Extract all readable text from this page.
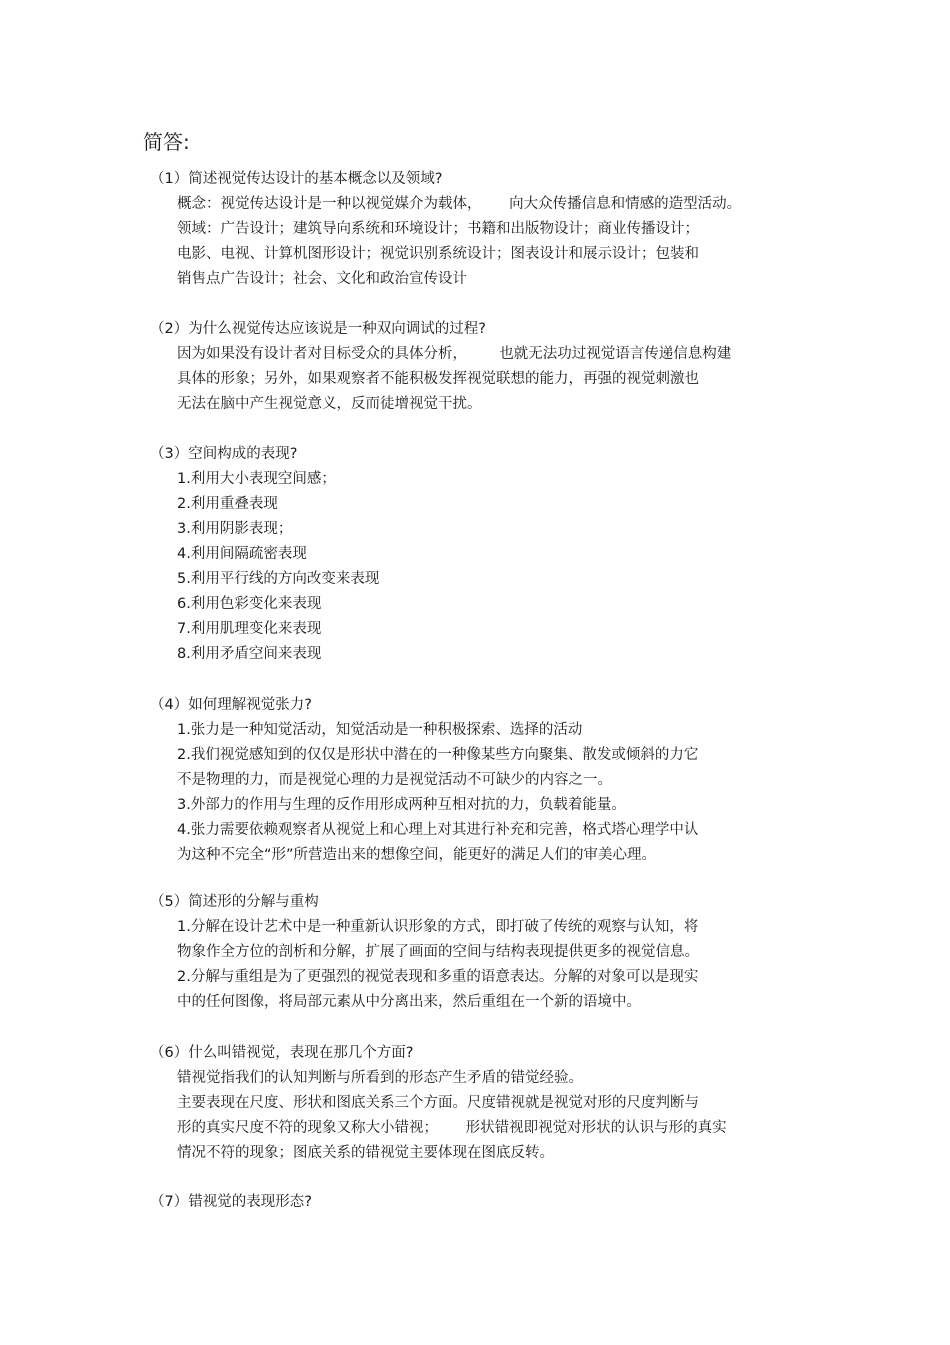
简答:
（1）简述视觉传达设计的基本概念以及领域?
概念：视觉传达设计是一种以视觉媒介为载体，      向大众传播信息和情感的造型活动。
领域：广告设计；建筑导向系统和环境设计；书籍和出版物设计；商业传播设计；
电影、电视、计算机图形设计；视觉识别系统设计；图表设计和展示设计；包装和
销售点广告设计；社会、文化和政治宣传设计
（2）为什么视觉传达应该说是一种双向调试的过程?
因为如果没有设计者对目标受众的具体分析，       也就无法功过视觉语言传递信息构建
具体的形象；另外，如果观察者不能积极发挥视觉联想的能力，再强的视觉刺激也
无法在脑中产生视觉意义，反而徒增视觉干扰。
（3）空间构成的表现?
1.利用大小表现空间感；
2.利用重叠表现
3.利用阴影表现；
4.利用间隔疏密表现
5.利用平行线的方向改变来表现
6.利用色彩变化来表现
7.利用肌理变化来表现
8.利用矛盾空间来表现
（4）如何理解视觉张力?
1.张力是一种知觉活动，知觉活动是一种积极探索、选择的活动
2.我们视觉感知到的仅仅是形状中潜在的一种像某些方向聚集、散发或倾斜的力它
不是物理的力，而是视觉心理的力是视觉活动不可缺少的内容之一。
3.外部力的作用与生理的反作用形成两种互相对抗的力，负载着能量。
4.张力需要依赖观察者从视觉上和心理上对其进行补充和完善，格式塔心理学中认
为这种不完全“形”所营造出来的想像空间，能更好的满足人们的审美心理。
（5）简述形的分解与重构
1.分解在设计艺术中是一种重新认识形象的方式，即打破了传统的观察与认知，将
物象作全方位的剖析和分解，扩展了画面的空间与结构表现提供更多的视觉信息。
2.分解与重组是为了更强烈的视觉表现和多重的语意表达。分解的对象可以是现实
中的任何图像，将局部元素从中分离出来，然后重组在一个新的语境中。
（6）什么叫错视觉，表现在那几个方面?
错视觉指我们的认知判断与所看到的形态产生矛盾的错觉经验。
主要表现在尺度、形状和图底关系三个方面。尺度错视就是视觉对形的尺度判断与
形的真实尺度不符的现象又称大小错视；      形状错视即视觉对形状的认识与形的真实
情况不符的现象；图底关系的错视觉主要体现在图底反转。
（7）错视觉的表现形态?
